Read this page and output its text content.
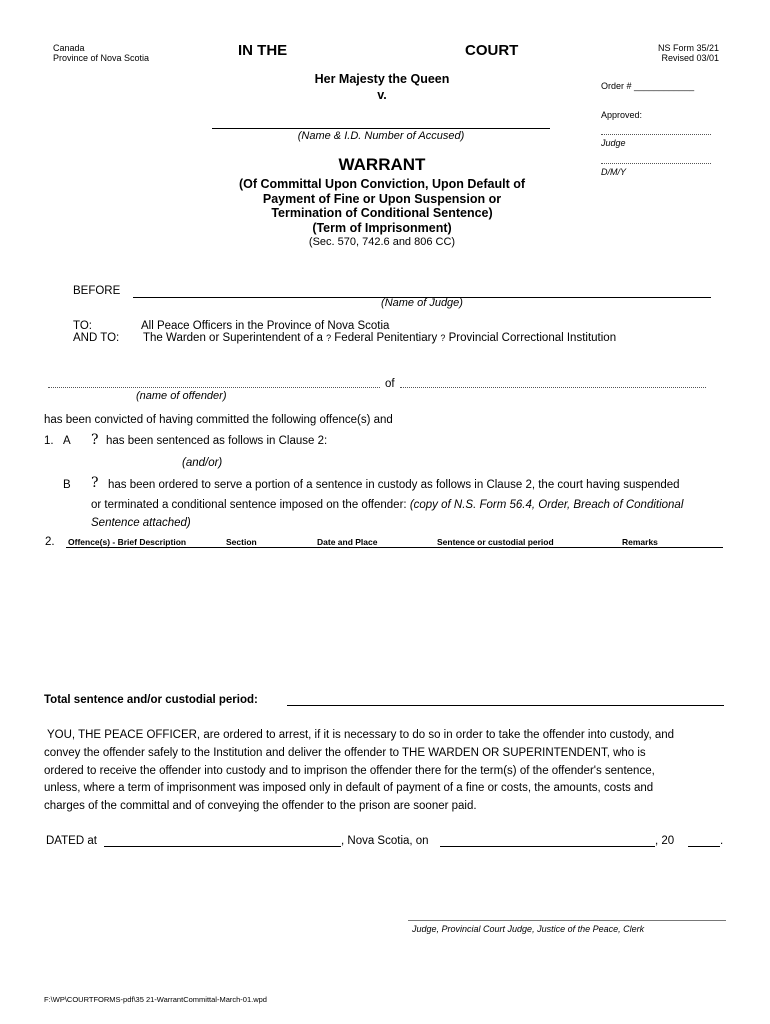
Canada
Province of Nova Scotia	IN THE	COURT	NS Form 35/21
Revised 03/01
Her Majesty the Queen
v.
Order # ____________
Approved:
Judge
D/M/Y
(Name & I.D. Number of Accused)
WARRANT
(Of Committal Upon Conviction, Upon Default of
Payment of Fine or Upon Suspension or
Termination of Conditional Sentence)
(Term of Imprisonment)
(Sec. 570, 742.6 and 806 CC)
BEFORE
(Name of Judge)
TO:	All Peace Officers in the Province of Nova Scotia
AND TO: The Warden or Superintendent of a ? Federal Penitentiary ? Provincial Correctional Institution
of
(name of offender)
has been convicted of having committed the following offence(s) and
1. A ? has been sentenced as follows in Clause 2:
(and/or)
B ? has been ordered to serve a portion of a sentence in custody as follows in Clause 2, the court having suspended
or terminated a conditional sentence imposed on the offender: (copy of N.S. Form 56.4, Order, Breach of Conditional
Sentence attached)
2. Offence(s) - Brief Description	Section	Date and Place	Sentence or custodial period	Remarks
Total sentence and/or custodial period:
YOU, THE PEACE OFFICER, are ordered to arrest, if it is necessary to do so in order to take the offender into custody, and
convey the offender safely to the Institution and deliver the offender to THE WARDEN OR SUPERINTENDENT, who is
ordered to receive the offender into custody and to imprison the offender there for the term(s) of the offender's sentence,
unless, where a term of imprisonment was imposed only in default of payment of a fine or costs, the amounts, costs and
charges of the committal and of conveying the offender to the prison are sooner paid.
DATED at	, Nova Scotia, on	, 20	.
Judge, Provincial Court Judge, Justice of the Peace, Clerk
F:\WP\COURTFORMS-pdf\35 21-WarrantCommittal-March-01.wpd
